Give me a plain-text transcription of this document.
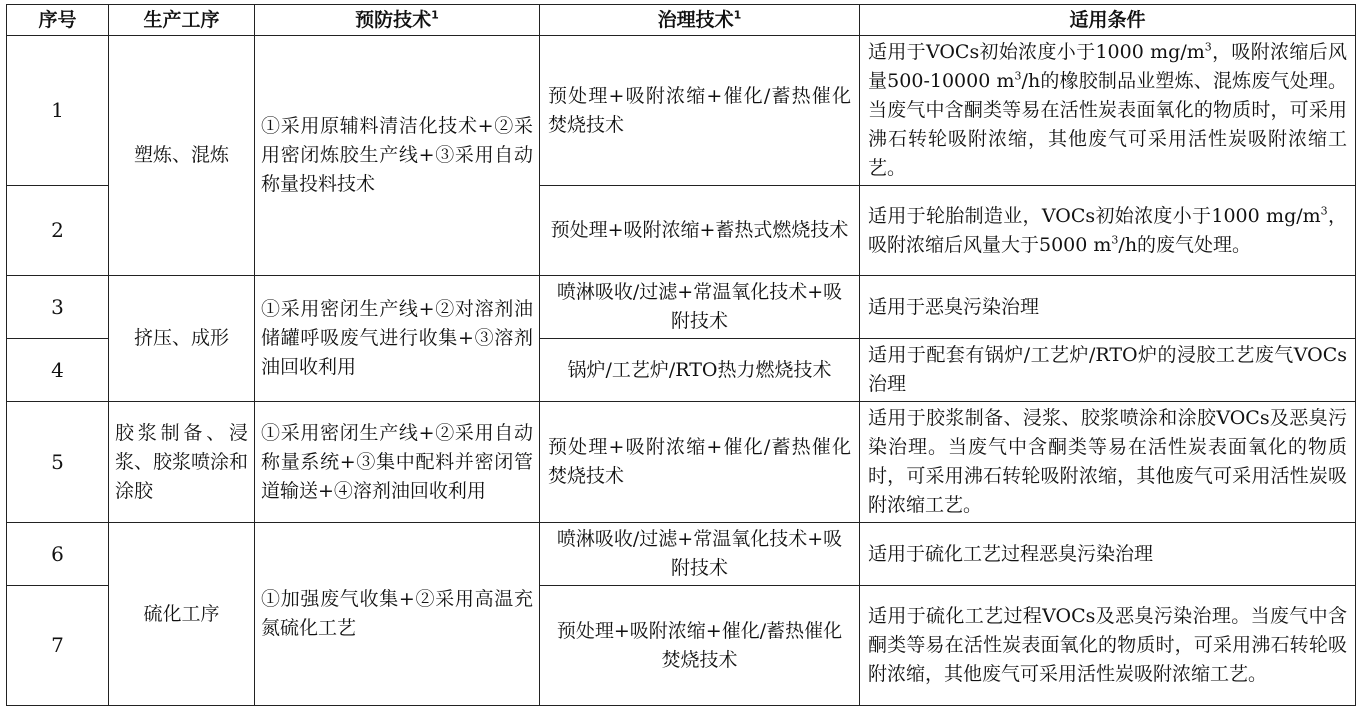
序号	生产工序	预防技术$^1$	治理技术$^1$	适用条件
1	塑炼、混炼	①采用原辅料清洁化技术+②采用密闭炼胶生产线+③采用自动称量投料技术	预处理+吸附浓缩+催化/蓄热催化焚烧技术	适用于VOCs初始浓度小于1000 $mg/m^3$，吸附浓缩后风量500-10000 $m^3/h$的橡胶制品业塑炼、混炼废气处理。当废气中含酮类等易在活性炭表面氧化的物质时，可采用沸石转轮吸附浓缩，其他废气可采用活性炭吸附浓缩工艺。
2			预处理+吸附浓缩+蓄热式燃烧技术	适用于轮胎制造业，VOCs初始浓度小于1000 $mg/m^3$，吸附浓缩后风量大于5000 $m^3/h$的废气处理。
3	挤压、成形	①采用密闭生产线+②对溶剂油储罐呼吸废气进行收集+③溶剂油回收利用	喷淋吸收/过滤+常温氧化技术+吸附技术	适用于恶臭污染治理
4			锅炉/工艺炉/RTO热力燃烧技术	适用于配套有锅炉/工艺炉/RTO炉的浸胶工艺废气VOCs治理
5	胶浆制备、浸浆、胶浆喷涂和涂胶	①采用密闭生产线+②采用自动称量系统+③集中配料并密闭管道输送+④溶剂油回收利用	预处理+吸附浓缩+催化/蓄热催化焚烧技术	适用于胶浆制备、浸浆、胶浆喷涂和涂胶VOCs及恶臭污染治理。当废气中含酮类等易在活性炭表面氧化的物质时，可采用沸石转轮吸附浓缩，其他废气可采用活性炭吸附浓缩工艺。
6	硫化工序	①加强废气收集+②采用高温充氮硫化工艺	喷淋吸收/过滤+常温氧化技术+吸附技术	适用于硫化工艺过程恶臭污染治理
7			预处理+吸附浓缩+催化/蓄热催化焚烧技术	适用于硫化工艺过程VOCs及恶臭污染治理。当废气中含酮类等易在活性炭表面氧化的物质时，可采用沸石转轮吸附浓缩，其他废气可采用活性炭吸附浓缩工艺。
